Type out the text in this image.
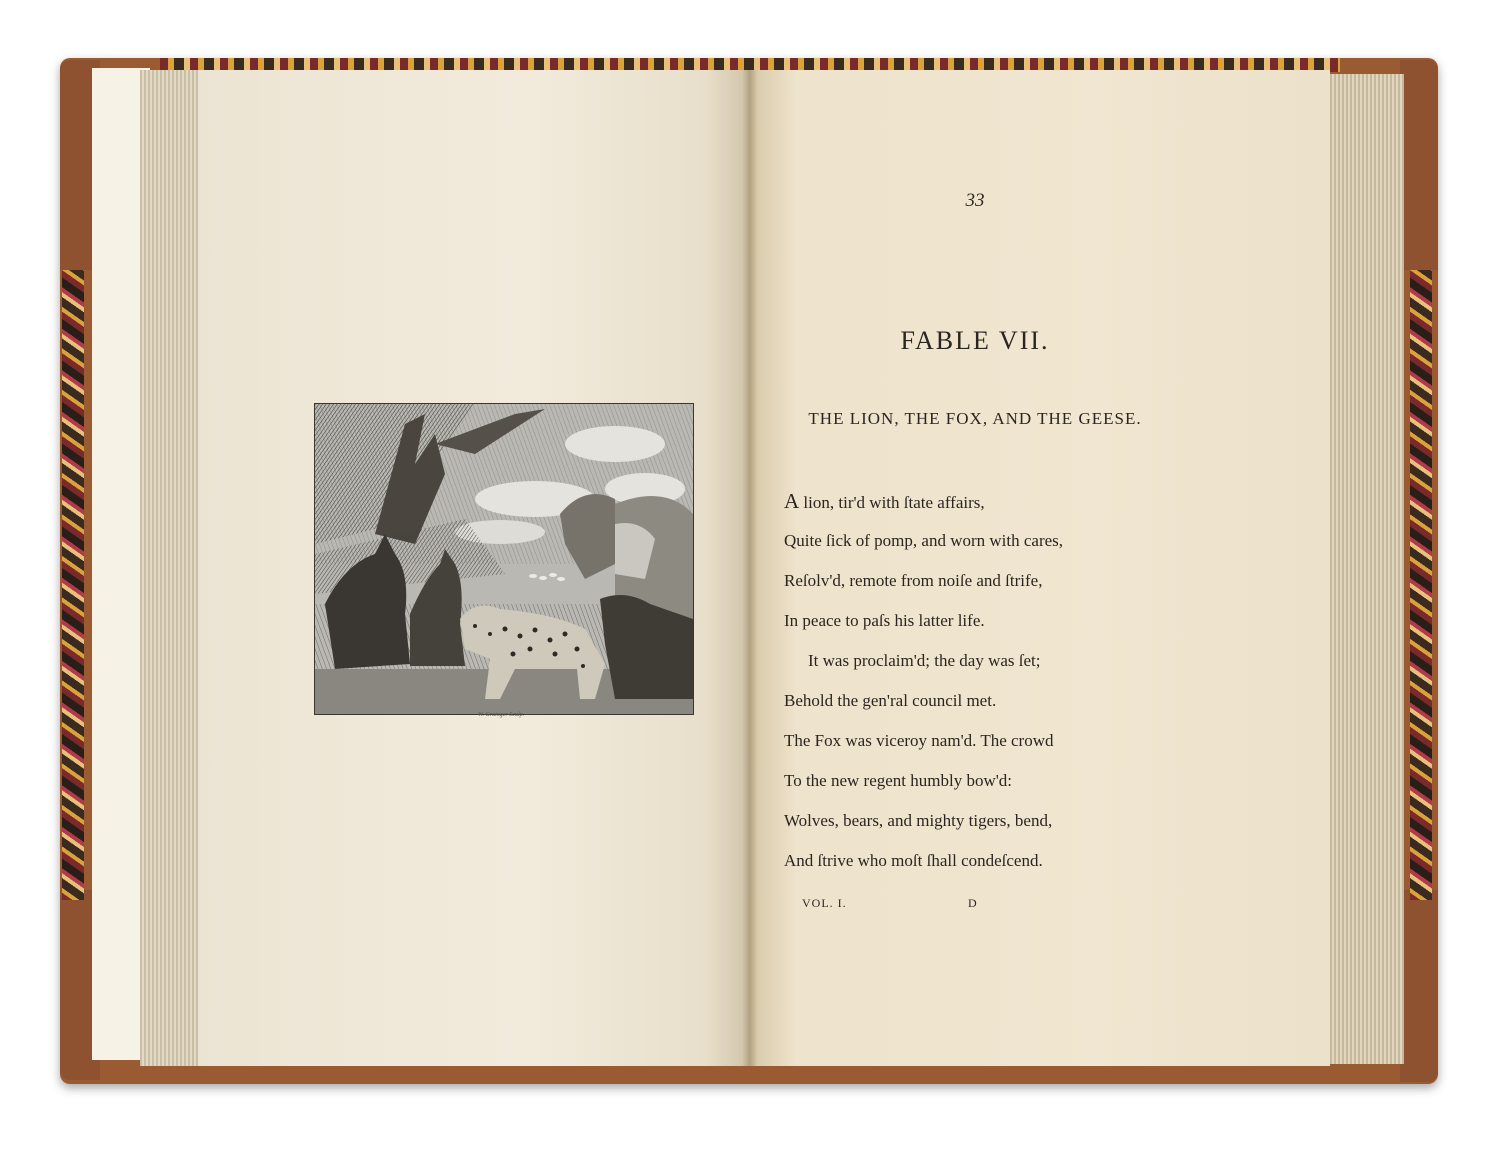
W. Grainger Sculp.
33
FABLE VII.
THE LION, THE FOX, AND THE GEESE.
A lion, tir'd with ſtate affairs,
Quite ſick of pomp, and worn with cares,
Reſolv'd, remote from noiſe and ſtrife,
In peace to paſs his latter life.
It was proclaim'd; the day was ſet;
Behold the gen'ral council met.
The Fox was viceroy nam'd. The crowd
To the new regent humbly bow'd:
Wolves, bears, and mighty tigers, bend,
And ſtrive who moſt ſhall condeſcend.
VOL. I.	D
